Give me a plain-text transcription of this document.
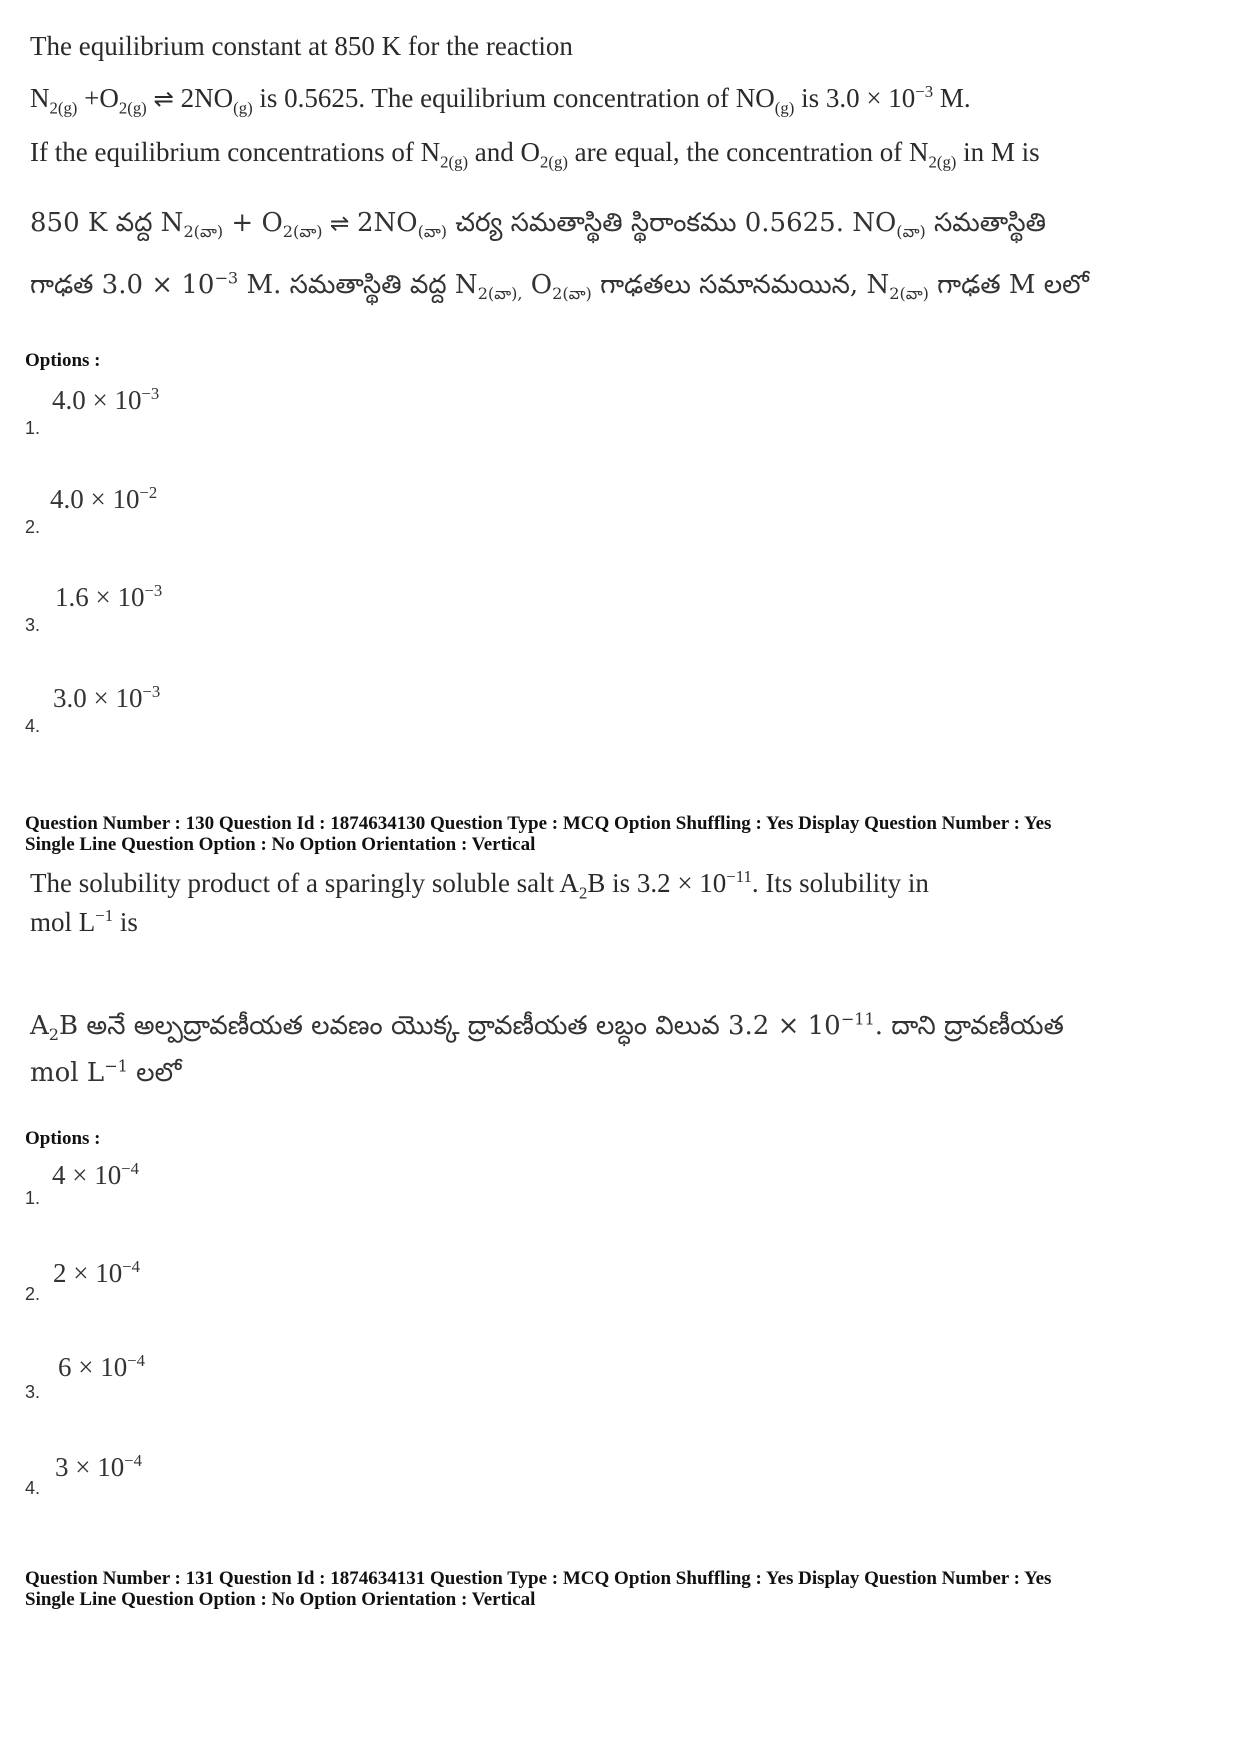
The equilibrium constant at 850 K for the reaction
$N_{2(g)} +O_{2(g)}$ ⇌ $2NO_{(g)}$ is 0.5625. The equilibrium concentration of $NO_{(g)}$ is $3.0 \times 10^{-3}$ M.
If the equilibrium concentrations of $N_{2(g)}$ and $O_{2(g)}$ are equal, the concentration of $N_{2(g)}$ in M is
850 K వద్ద $N_{2(వా)} + O_{2(వా)}$ ⇌ $2NO_{(వా)}$ చర్య సమతాస్థితి స్థిరాంకము 0.5625. $NO_{(వా)}$ సమతాస్థితి
గాఢత $3.0 \times 10^{-3}$ M. సమతాస్థితి వద్ద $N_{2(వా),}$ $O_{2(వా)}$ గాఢతలు సమానమయిన, $N_{2(వా)}$ గాఢత M లలో
Options :
1.
$4.0 \times 10^{-3}$
2.
$4.0 \times 10^{-2}$
3.
$1.6 \times 10^{-3}$
4.
$3.0 \times 10^{-3}$
Question Number : 130 Question Id : 1874634130 Question Type : MCQ Option Shuffling : Yes Display Question Number : Yes
Single Line Question Option : No Option Orientation : Vertical
The solubility product of a sparingly soluble salt $A_2B$ is $3.2 \times 10^{-11}$. Its solubility in
mol $L^{-1}$ is
$A_2B$ అనే అల్పద్రావణీయత లవణం యొక్క ద్రావణీయత లబ్ధం విలువ $3.2 \times 10^{-11}$. దాని ద్రావణీయత
mol $L^{-1}$ లలో
Options :
1.
$4 \times 10^{-4}$
2.
$2 \times 10^{-4}$
3.
$6 \times 10^{-4}$
4.
$3 \times 10^{-4}$
Question Number : 131 Question Id : 1874634131 Question Type : MCQ Option Shuffling : Yes Display Question Number : Yes
Single Line Question Option : No Option Orientation : Vertical
